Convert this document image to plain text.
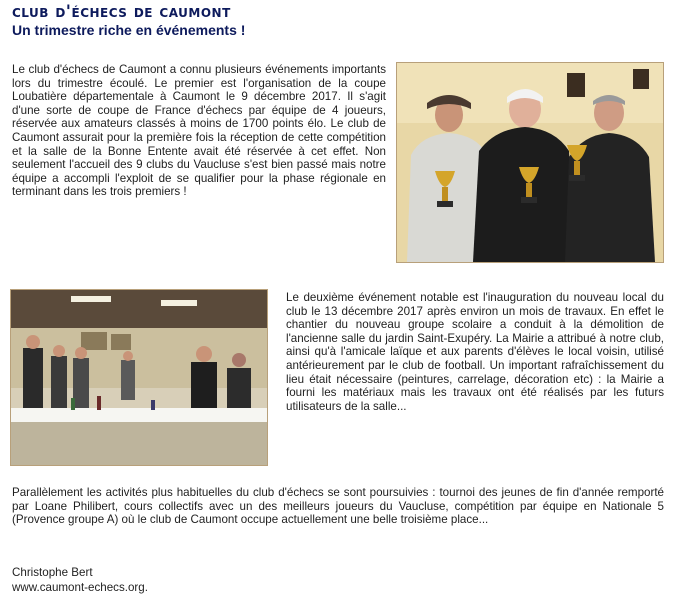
club d'échecs de caumont
Un trimestre riche en événements !

Le club d'échecs de Caumont a connu plusieurs événements importants lors du trimestre écoulé. Le premier est l'organisation de la coupe Loubatière départementale à Caumont le 9 décembre 2017. Il s'agit d'une sorte de coupe de France d'échecs par équipe de 4 joueurs, réservée aux amateurs classés à moins de 1700 points élo. Le club de Caumont assurait pour la première fois la réception de cette compétition et la salle de la Bonne Entente avait été réservée à cet effet. Non seulement l'accueil des 9 clubs du Vaucluse s'est bien passé mais notre équipe a accompli l'exploit de se qualifier pour la phase régionale en terminant dans les trois premiers !

Le deuxième événement notable est l'inauguration du nouveau local du club le 13 décembre 2017 après environ un mois de travaux. En effet le chantier du nouveau groupe scolaire a conduit à la démolition de l'ancienne salle du jardin Saint-Exupéry. La Mairie a attribué à notre club, ainsi qu'à l'amicale laïque et aux parents d'élèves le local voisin, utilisé antérieurement par le club de football. Un important rafraîchissement du lieu était nécessaire (peintures, carrelage, décoration etc) : la Mairie a fourni les matériaux mais les travaux ont été réalisés par les futurs utilisateurs de la salle...

Parallèlement les activités plus habituelles du club d'échecs se sont poursuivies : tournoi des jeunes de fin d'année remporté par Loane Philibert, cours collectifs avec un des meilleurs joueurs du Vaucluse, compétition par équipe en Nationale 5 (Provence groupe A) où le club de Caumont occupe actuellement une belle troisième place...

Christophe Bert
www.caumont-echecs.org.
